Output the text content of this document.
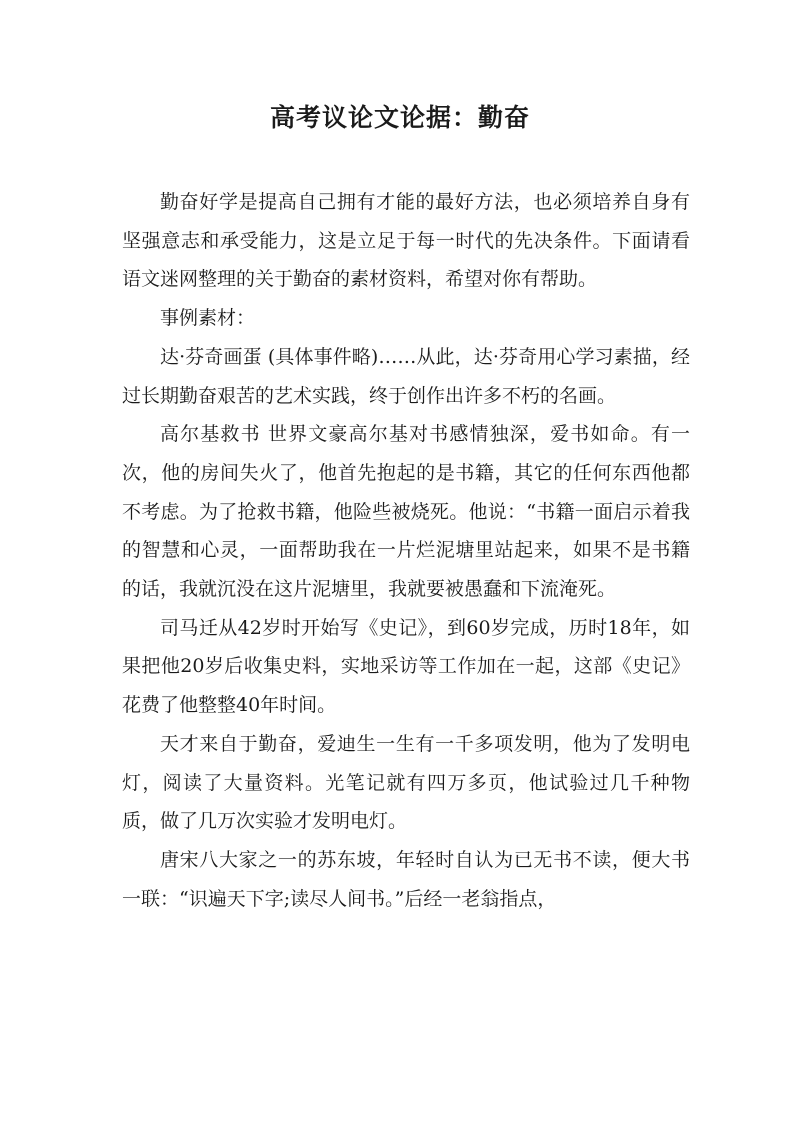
高考议论文论据：勤奋

勤奋好学是提高自己拥有才能的最好方法，也必须培养自身有坚强意志和承受能力，这是立足于每一时代的先决条件。下面请看语文迷网整理的关于勤奋的素材资料，希望对你有帮助。

事例素材：

达·芬奇画蛋 (具体事件略)……从此，达·芬奇用心学习素描，经过长期勤奋艰苦的艺术实践，终于创作出许多不朽的名画。

高尔基救书 世界文豪高尔基对书感情独深，爱书如命。有一次，他的房间失火了，他首先抱起的是书籍，其它的任何东西他都不考虑。为了抢救书籍，他险些被烧死。他说：“书籍一面启示着我的智慧和心灵，一面帮助我在一片烂泥塘里站起来，如果不是书籍的话，我就沉没在这片泥塘里，我就要被愚蠢和下流淹死。

司马迁从42岁时开始写《史记》，到60岁完成，历时18年，如果把他20岁后收集史料，实地采访等工作加在一起，这部《史记》花费了他整整40年时间。

天才来自于勤奋，爱迪生一生有一千多项发明，他为了发明电灯，阅读了大量资料。光笔记就有四万多页，他试验过几千种物质，做了几万次实验才发明电灯。

唐宋八大家之一的苏东坡，年轻时自认为已无书不读，便大书一联：“识遍天下字;读尽人间书。”后经一老翁指点，
